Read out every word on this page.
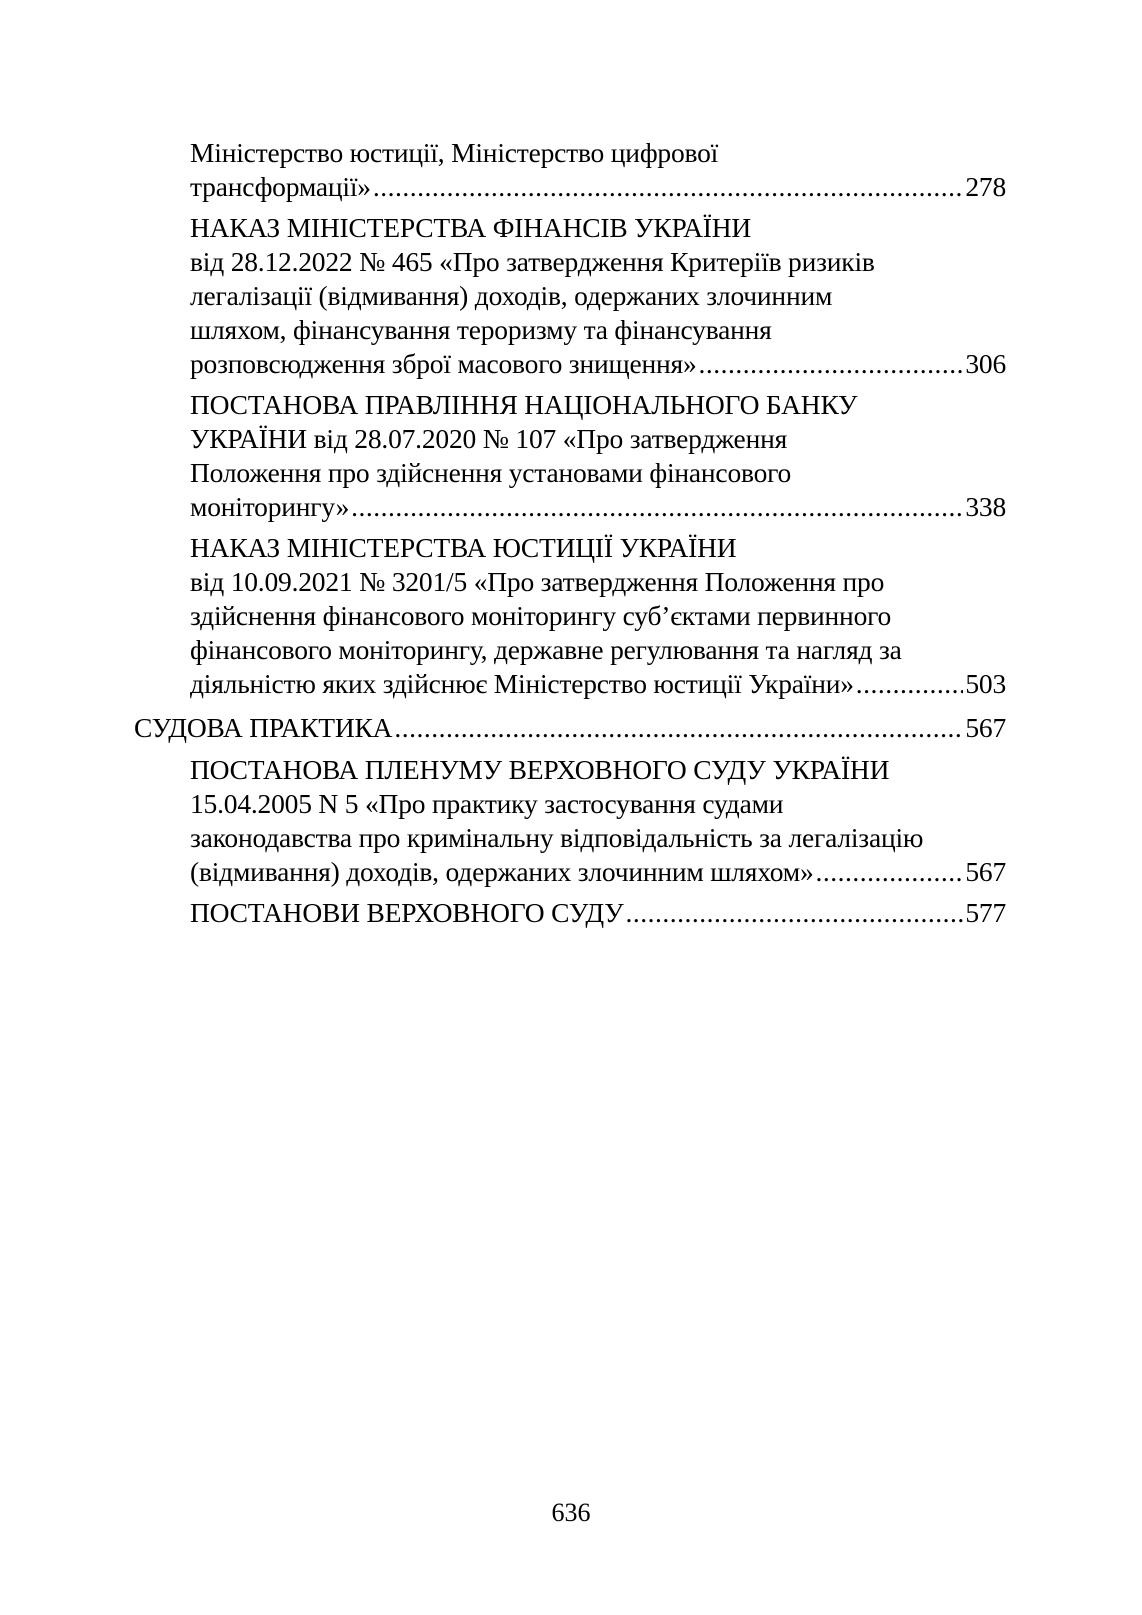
Міністерство юстиції, Міністерство цифрової
трансформації» .....	278
НАКАЗ МІНІСТЕРСТВА ФІНАНСІВ УКРАЇНИ
від 28.12.2022 № 465 «Про затвердження Критеріїв ризиків
легалізації (відмивання) доходів, одержаних злочинним
шляхом, фінансування тероризму та фінансування
розповсюдження зброї масового знищення» .....	306
ПОСТАНОВА ПРАВЛІННЯ НАЦІОНАЛЬНОГО БАНКУ
УКРАЇНИ від 28.07.2020 № 107 «Про затвердження
Положення про здійснення установами фінансового
моніторингу» .....	338
НАКАЗ МІНІСТЕРСТВА ЮСТИЦІЇ УКРАЇНИ
від 10.09.2021 № 3201/5 «Про затвердження Положення про
здійснення фінансового моніторингу суб’єктами первинного
фінансового моніторингу, державне регулювання та нагляд за
діяльністю яких здійснює Міністерство юстиції України» .....	503
СУДОВА ПРАКТИКА .....	567
ПОСТАНОВА ПЛЕНУМУ ВЕРХОВНОГО СУДУ УКРАЇНИ
15.04.2005 N 5 «Про практику застосування судами
законодавства про кримінальну відповідальність за легалізацію
(відмивання) доходів, одержаних злочинним шляхом» .....	567
ПОСТАНОВИ ВЕРХОВНОГО СУДУ .....	577
636
